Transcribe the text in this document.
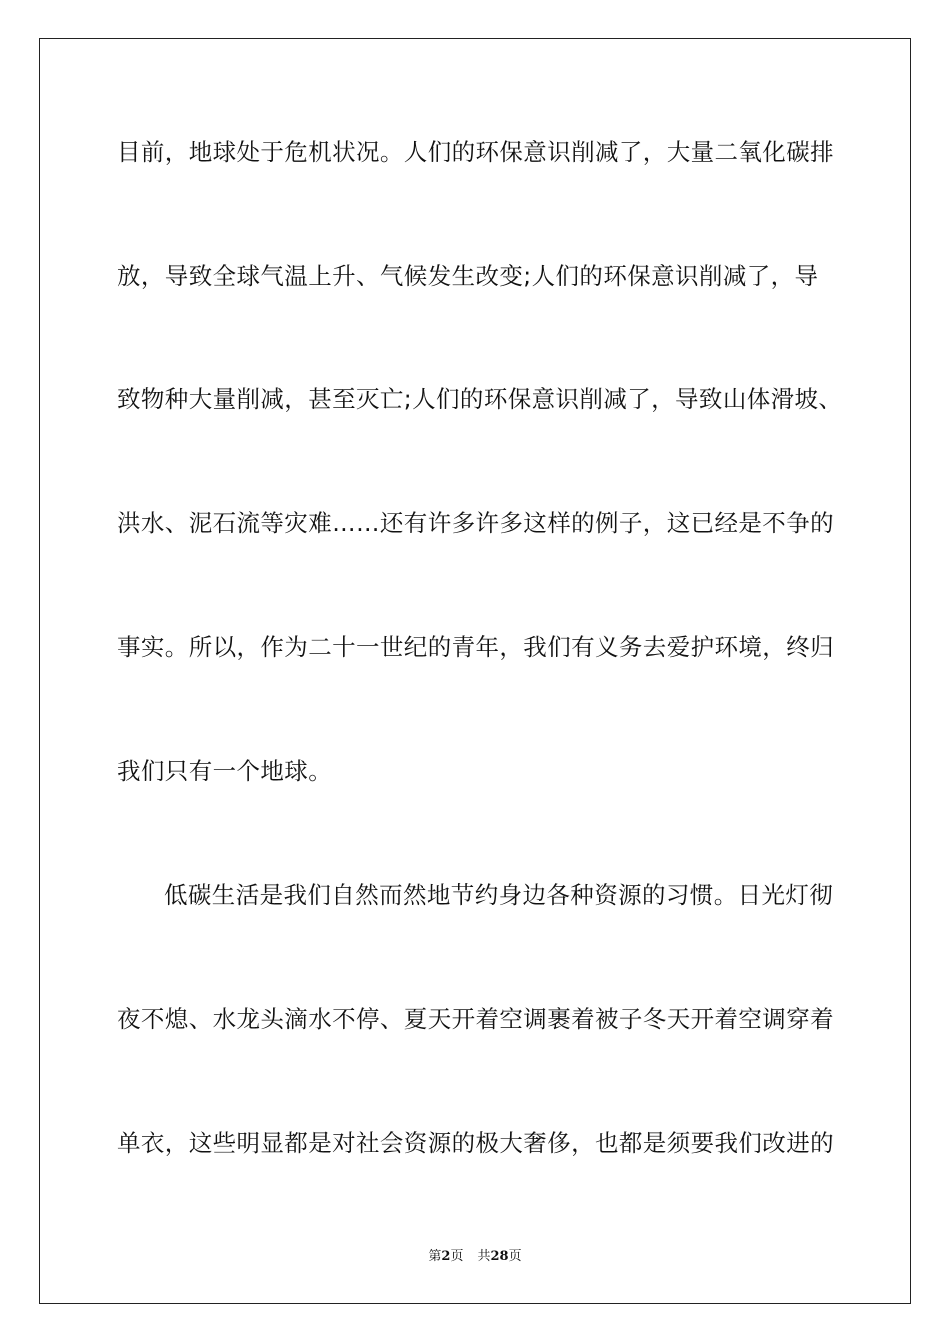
目前，地球处于危机状况。人们的环保意识削减了，大量二氧化碳排
放，导致全球气温上升、气候发生改变;人们的环保意识削减了，导
致物种大量削减，甚至灭亡;人们的环保意识削减了，导致山体滑坡、
洪水、泥石流等灾难……还有许多许多这样的例子，这已经是不争的
事实。所以，作为二十一世纪的青年，我们有义务去爱护环境，终归
我们只有一个地球。
低碳生活是我们自然而然地节约身边各种资源的习惯。日光灯彻
夜不熄、水龙头滴水不停、夏天开着空调裹着被子冬天开着空调穿着
单衣，这些明显都是对社会资源的极大奢侈，也都是须要我们改进的
第2页 共28页
